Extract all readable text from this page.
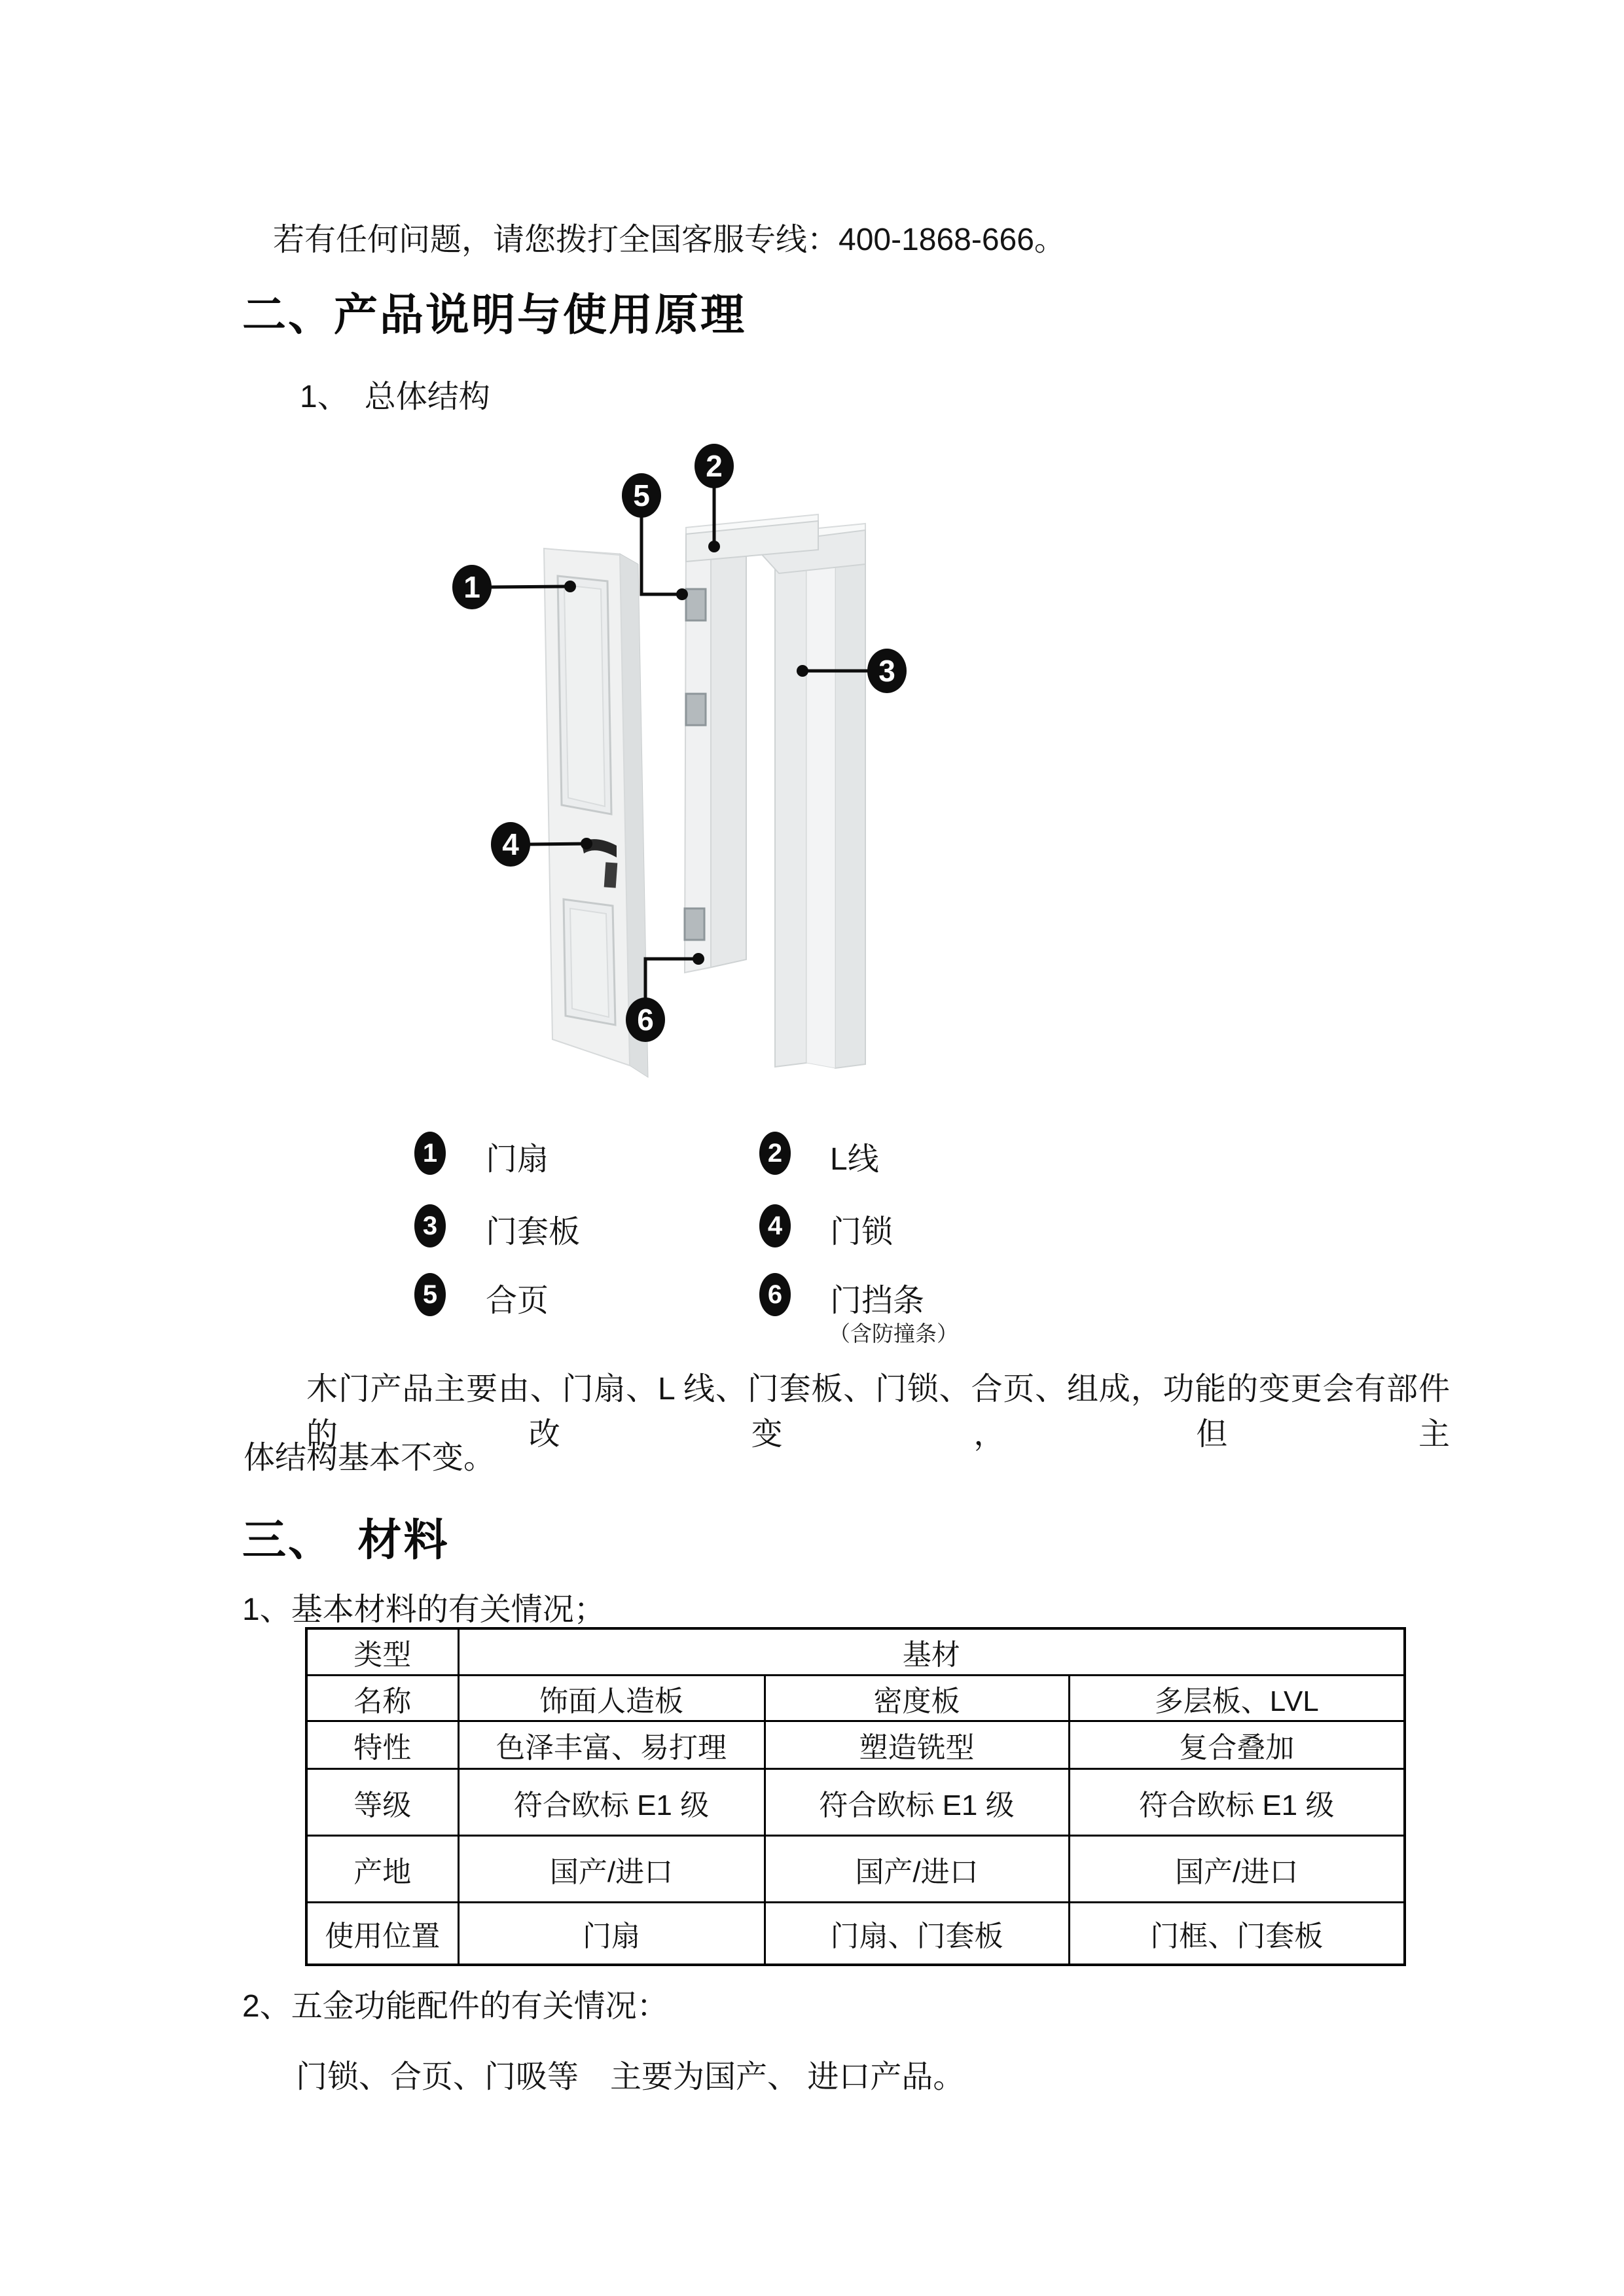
若有任何问题，请您拨打全国客服专线：400-1868-666。
二、产品说明与使用原理
1、　总体结构
1
2
3
4
5
6
1 门扇	2 L线
3 门套板	4 门锁
5 合页	6 门挡条
（含防撞条）
木门产品主要由、门扇、L 线、门套板、门锁、合页、组成，功能的变更会有部件的改变，但主
体结构基本不变。
三、　材料
1、基本材料的有关情况；
类型	基材		
名称	饰面人造板	密度板	多层板、LVL
特性	色泽丰富、易打理	塑造铣型	复合叠加
等级	符合欧标 E1 级	符合欧标 E1 级	符合欧标 E1 级
产地	国产/进口	国产/进口	国产/进口
使用位置	门扇	门扇、门套板	门框、门套板
2、五金功能配件的有关情况：
门锁、合页、门吸等　主要为国产、 进口产品。
